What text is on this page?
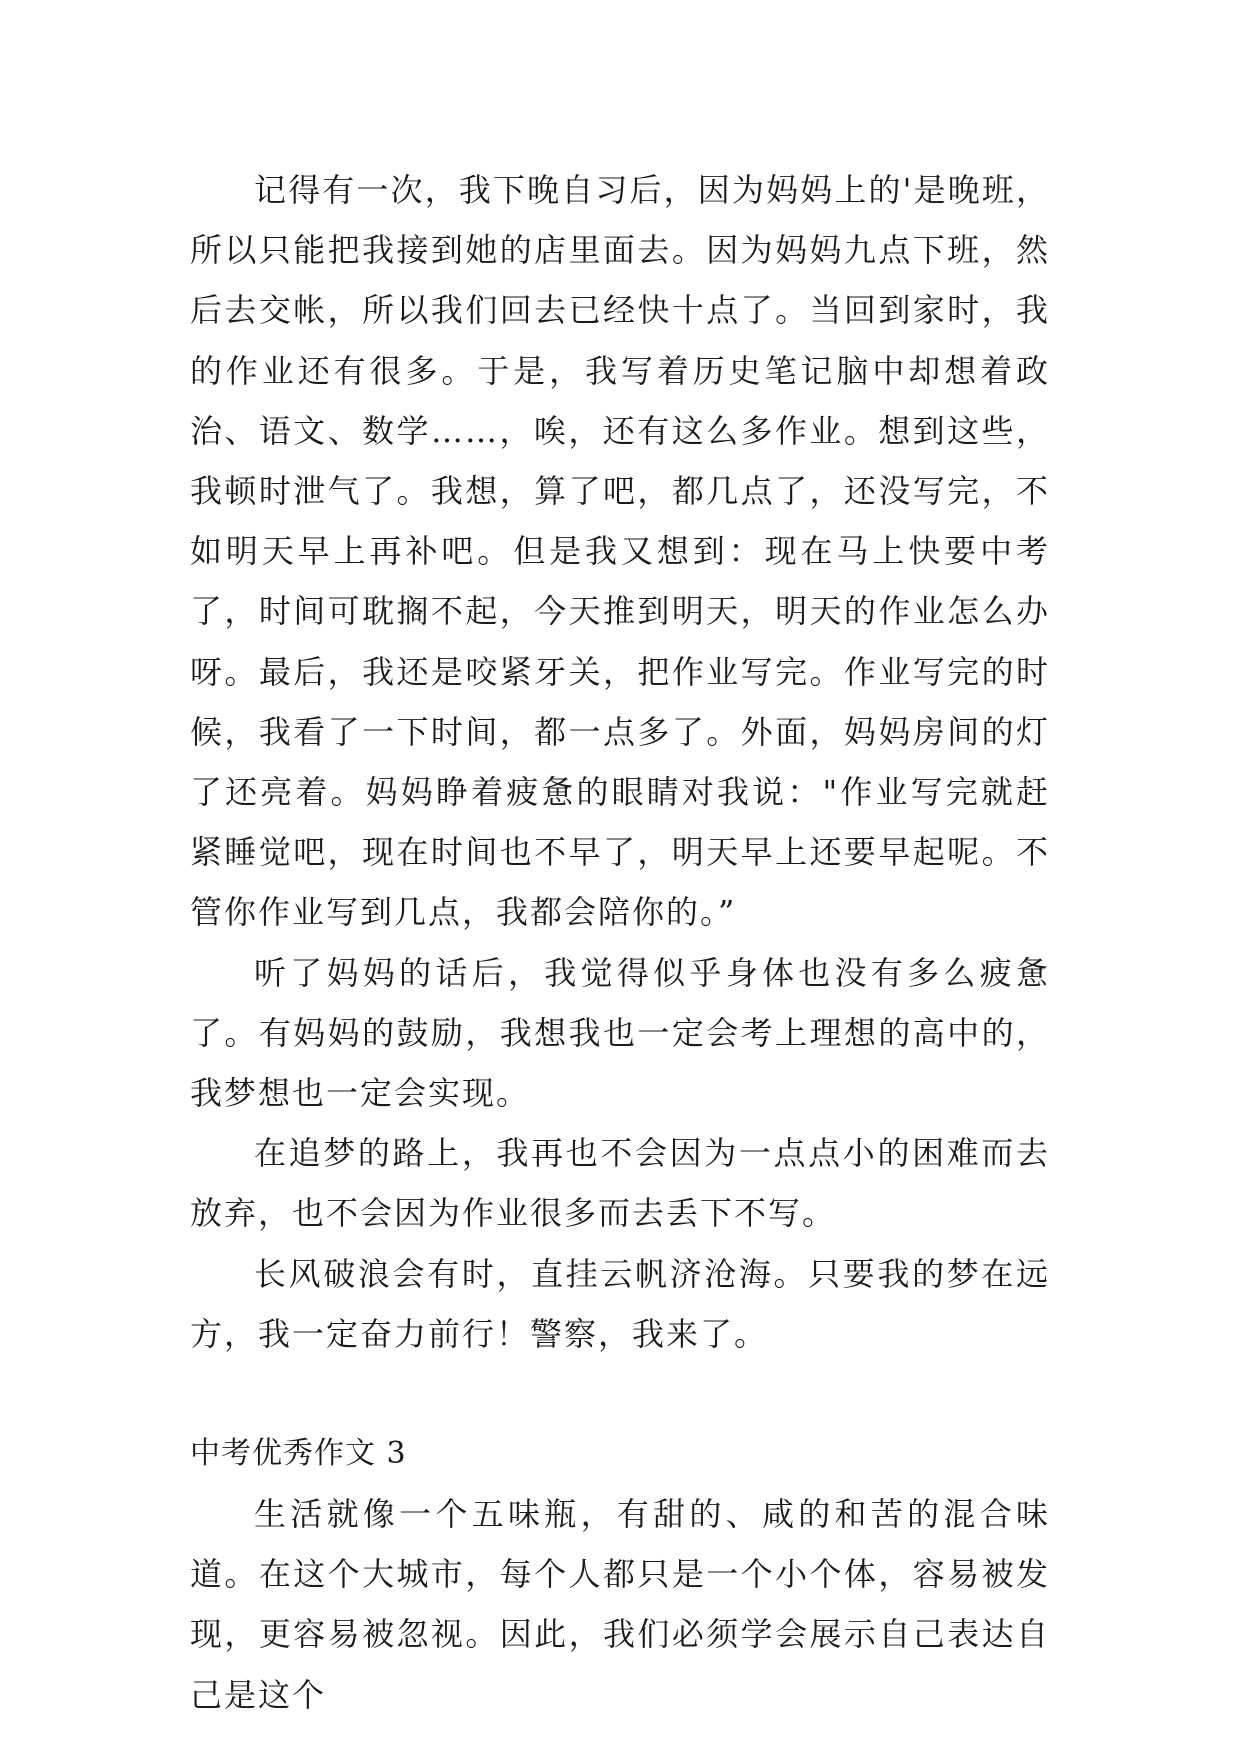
记得有一次，我下晚自习后，因为妈妈上的'是晚班，所以只能把我接到她的店里面去。因为妈妈九点下班，然后去交帐，所以我们回去已经快十点了。当回到家时，我的作业还有很多。于是，我写着历史笔记脑中却想着政治、语文、数学……，唉，还有这么多作业。想到这些，我顿时泄气了。我想，算了吧，都几点了，还没写完，不如明天早上再补吧。但是我又想到：现在马上快要中考了，时间可耽搁不起，今天推到明天，明天的作业怎么办呀。最后，我还是咬紧牙关，把作业写完。作业写完的时候，我看了一下时间，都一点多了。外面，妈妈房间的灯了还亮着。妈妈睁着疲惫的眼睛对我说："作业写完就赶紧睡觉吧，现在时间也不早了，明天早上还要早起呢。不管你作业写到几点，我都会陪你的。”

听了妈妈的话后，我觉得似乎身体也没有多么疲惫了。有妈妈的鼓励，我想我也一定会考上理想的高中的，我梦想也一定会实现。

在追梦的路上，我再也不会因为一点点小的困难而去放弃，也不会因为作业很多而去丢下不写。

长风破浪会有时，直挂云帆济沧海。只要我的梦在远方，我一定奋力前行！警察，我来了。

中考优秀作文 3

生活就像一个五味瓶，有甜的、咸的和苦的混合味道。在这个大城市，每个人都只是一个小个体，容易被发现，更容易被忽视。因此，我们必须学会展示自己表达自己是这个
